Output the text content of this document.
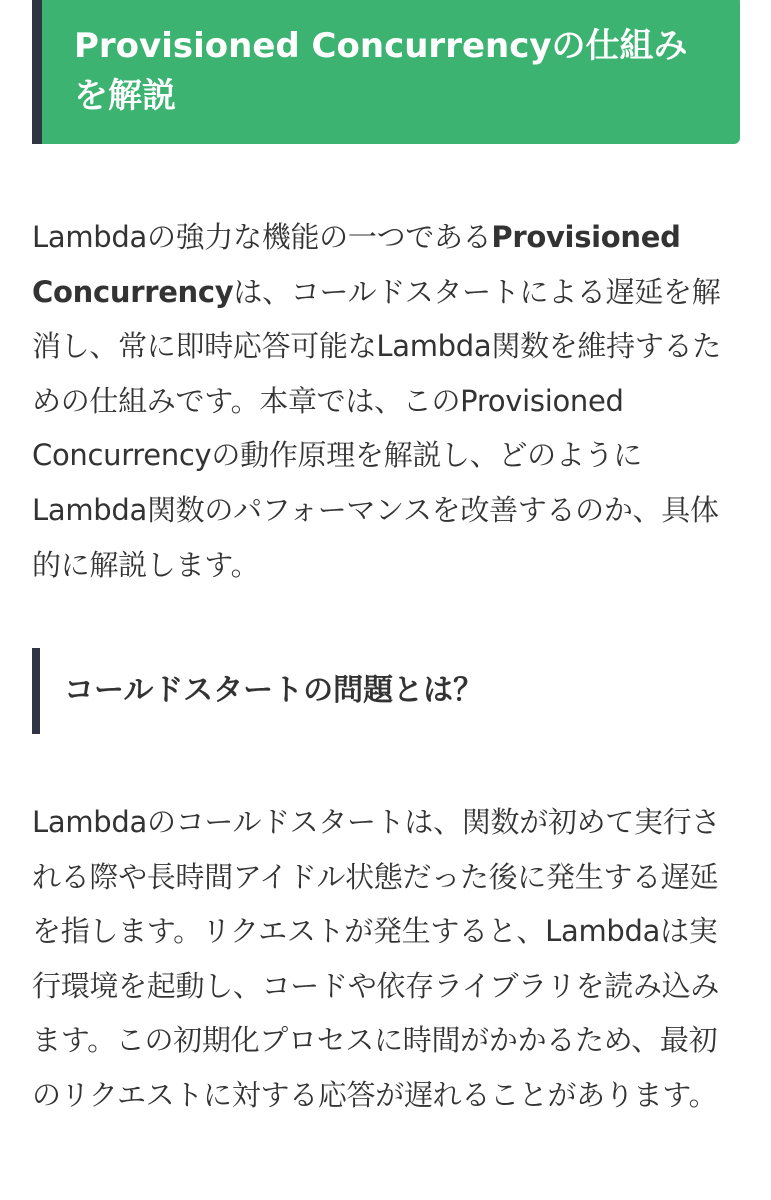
Provisioned Concurrencyの仕組みを解説

Lambdaの強力な機能の一つであるProvisioned Concurrencyは、コールドスタートによる遅延を解消し、常に即時応答可能なLambda関数を維持するための仕組みです。本章では、このProvisioned Concurrencyの動作原理を解説し、どのようにLambda関数のパフォーマンスを改善するのか、具体的に解説します。

コールドスタートの問題とは？

Lambdaのコールドスタートは、関数が初めて実行される際や長時間アイドル状態だった後に発生する遅延を指します。リクエストが発生すると、Lambdaは実行環境を起動し、コードや依存ライブラリを読み込みます。この初期化プロセスに時間がかかるため、最初のリクエストに対する応答が遅れることがあります。
